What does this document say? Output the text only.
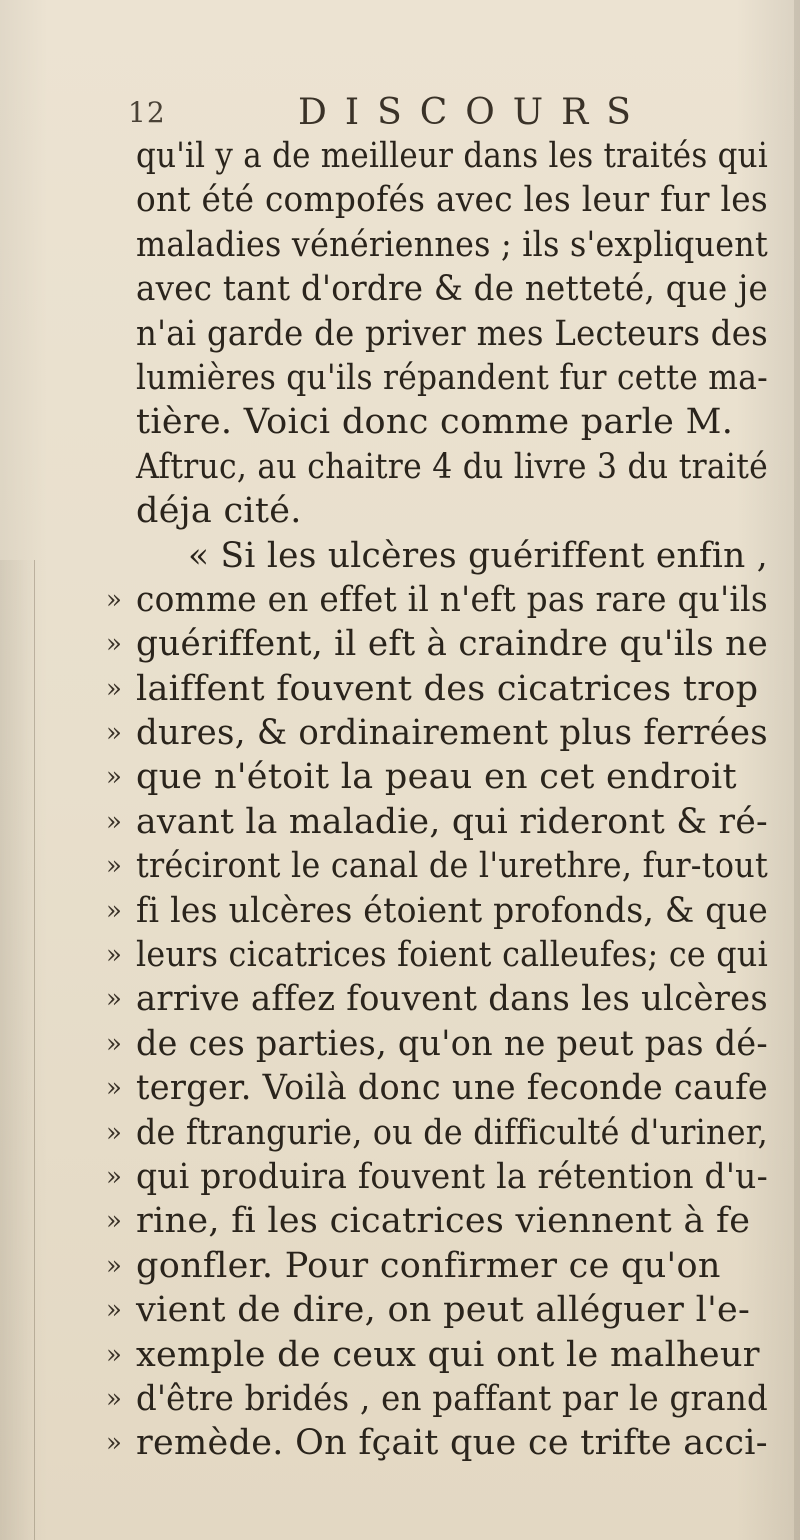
12	DISCOURS
qu'il y a de meilleur dans les traités qui
ont été compofés avec les leur fur les
maladies vénériennes ; ils s'expliquent
avec tant d'ordre & de netteté, que je
n'ai garde de priver mes Lecteurs des
lumières qu'ils répandent fur cette ma-
tière. Voici donc comme parle M.
Aftruc, au chaitre 4 du livre 3 du traité
déja cité.
« Si les ulcères guériffent enfin ,
» comme en effet il n'eft pas rare qu'ils
» guériffent, il eft à craindre qu'ils ne
» laiffent fouvent des cicatrices trop
» dures, & ordinairement plus ferrées
» que n'étoit la peau en cet endroit
» avant la maladie, qui rideront & ré-
» tréciront le canal de l'urethre, fur-tout
» fi les ulcères étoient profonds, & que
» leurs cicatrices foient calleufes; ce qui
» arrive affez fouvent dans les ulcères
» de ces parties, qu'on ne peut pas dé-
» terger. Voilà donc une feconde caufe
» de ftrangurie, ou de difficulté d'uriner,
» qui produira fouvent la rétention d'u-
» rine, fi les cicatrices viennent à fe
» gonfler. Pour confirmer ce qu'on
» vient de dire, on peut alléguer l'e-
» xemple de ceux qui ont le malheur
» d'être bridés , en paffant par le grand
» remède. On fçait que ce trifte acci-
